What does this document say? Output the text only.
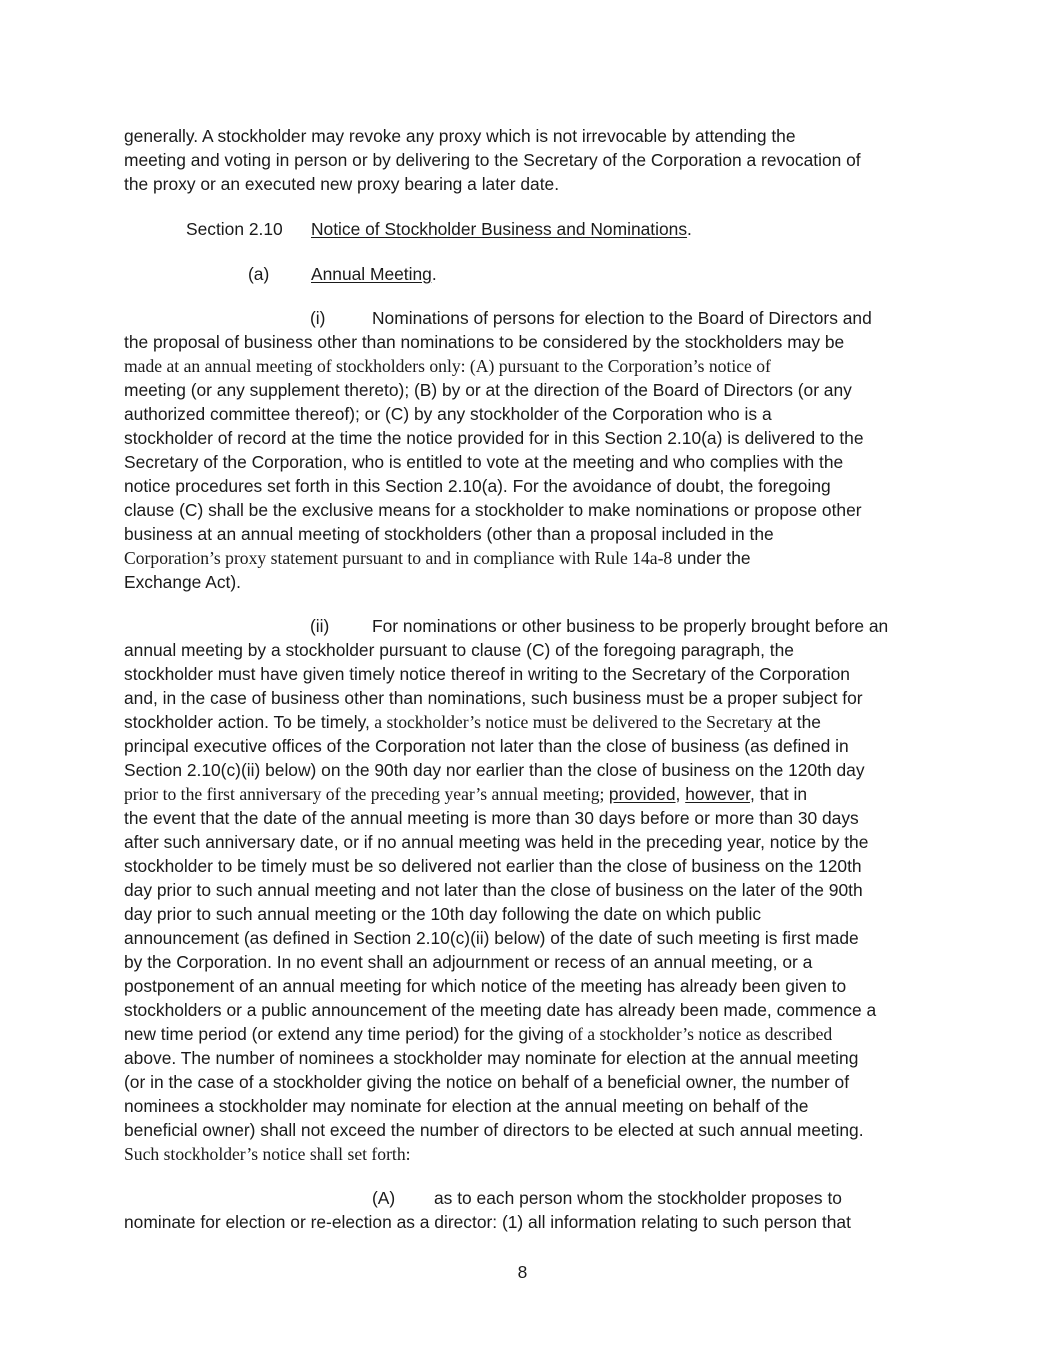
generally. A stockholder may revoke any proxy which is not irrevocable by attending the
meeting and voting in person or by delivering to the Secretary of the Corporation a revocation of
the proxy or an executed new proxy bearing a later date.
Section 2.10 Notice of Stockholder Business and Nominations.
(a) Annual Meeting.
(i)	Nominations of persons for election to the Board of Directors and
the proposal of business other than nominations to be considered by the stockholders may be
made at an annual meeting of stockholders only: (A) pursuant to the Corporation’s notice of
meeting (or any supplement thereto); (B) by or at the direction of the Board of Directors (or any
authorized committee thereof); or (C) by any stockholder of the Corporation who is a
stockholder of record at the time the notice provided for in this Section 2.10(a) is delivered to the
Secretary of the Corporation, who is entitled to vote at the meeting and who complies with the
notice procedures set forth in this Section 2.10(a). For the avoidance of doubt, the foregoing
clause (C) shall be the exclusive means for a stockholder to make nominations or propose other
business at an annual meeting of stockholders (other than a proposal included in the
Corporation’s proxy statement pursuant to and in compliance with Rule 14a-8 under the
Exchange Act).
(ii) For nominations or other business to be properly brought before an
annual meeting by a stockholder pursuant to clause (C) of the foregoing paragraph, the
stockholder must have given timely notice thereof in writing to the Secretary of the Corporation
and, in the case of business other than nominations, such business must be a proper subject for
stockholder action. To be timely, a stockholder’s notice must be delivered to the Secretary at the
principal executive offices of the Corporation not later than the close of business (as defined in
Section 2.10(c)(ii) below) on the 90th day nor earlier than the close of business on the 120th day
prior to the first anniversary of the preceding year’s annual meeting; provided, however, that in
the event that the date of the annual meeting is more than 30 days before or more than 30 days
after such anniversary date, or if no annual meeting was held in the preceding year, notice by the
stockholder to be timely must be so delivered not earlier than the close of business on the 120th
day prior to such annual meeting and not later than the close of business on the later of the 90th
day prior to such annual meeting or the 10th day following the date on which public
announcement (as defined in Section 2.10(c)(ii) below) of the date of such meeting is first made
by the Corporation. In no event shall an adjournment or recess of an annual meeting, or a
postponement of an annual meeting for which notice of the meeting has already been given to
stockholders or a public announcement of the meeting date has already been made, commence a
new time period (or extend any time period) for the giving of a stockholder’s notice as described
above. The number of nominees a stockholder may nominate for election at the annual meeting
(or in the case of a stockholder giving the notice on behalf of a beneficial owner, the number of
nominees a stockholder may nominate for election at the annual meeting on behalf of the
beneficial owner) shall not exceed the number of directors to be elected at such annual meeting.
Such stockholder’s notice shall set forth:
(A) as to each person whom the stockholder proposes to
nominate for election or re-election as a director: (1) all information relating to such person that
8
